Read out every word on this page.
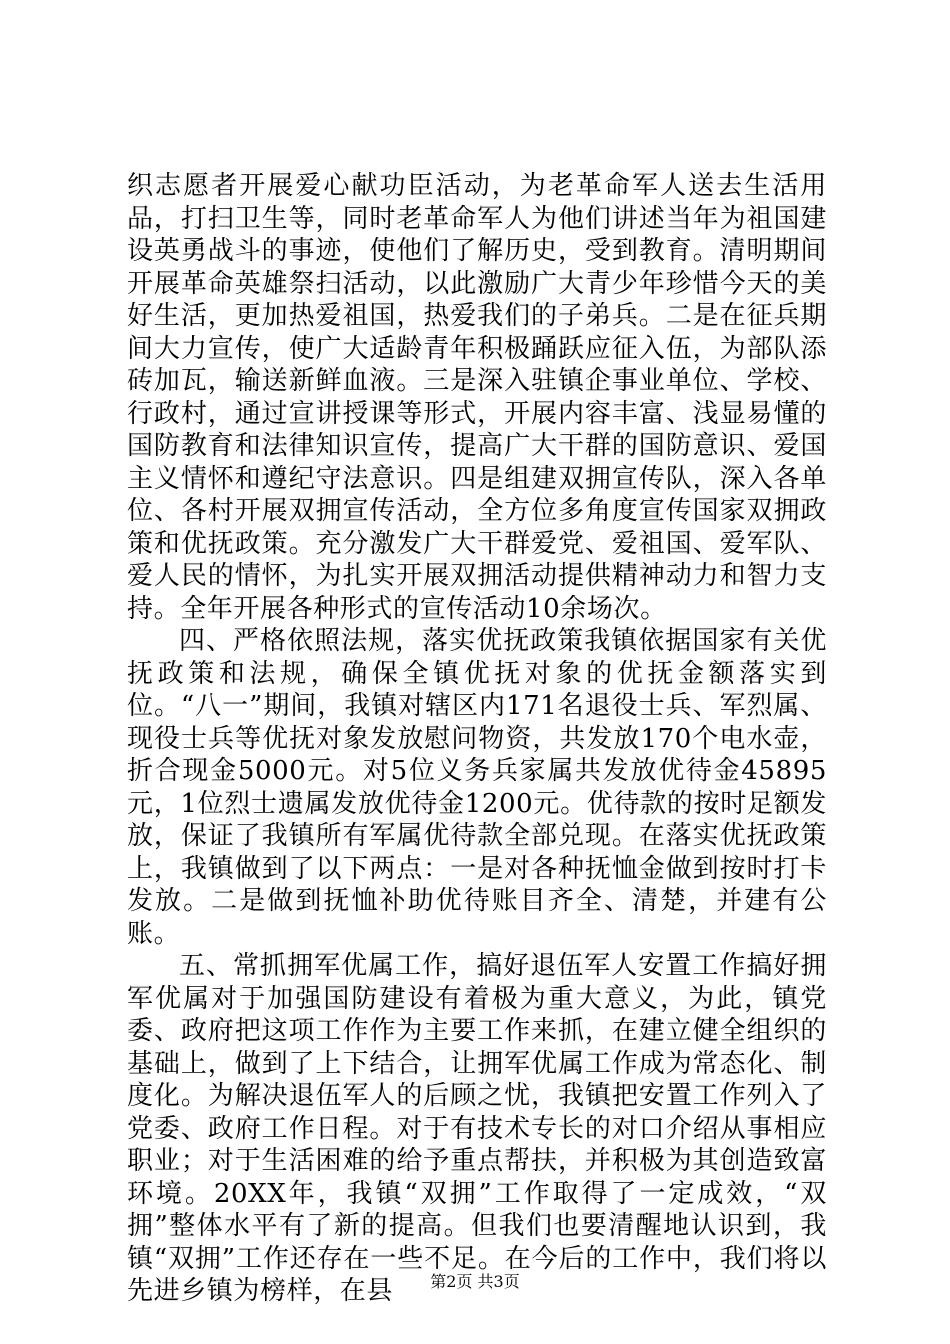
织志愿者开展爱心献功臣活动，为老革命军人送去生活用品，打扫卫生等，同时老革命军人为他们讲述当年为祖国建设英勇战斗的事迹，使他们了解历史，受到教育。清明期间开展革命英雄祭扫活动，以此激励广大青少年珍惜今天的美好生活，更加热爱祖国，热爱我们的子弟兵。二是在征兵期间大力宣传，使广大适龄青年积极踊跃应征入伍，为部队添砖加瓦，输送新鲜血液。三是深入驻镇企事业单位、学校、行政村，通过宣讲授课等形式，开展内容丰富、浅显易懂的国防教育和法律知识宣传，提高广大干群的国防意识、爱国主义情怀和遵纪守法意识。四是组建双拥宣传队，深入各单位、各村开展双拥宣传活动，全方位多角度宣传国家双拥政策和优抚政策。充分激发广大干群爱党、爱祖国、爱军队、爱人民的情怀，为扎实开展双拥活动提供精神动力和智力支持。全年开展各种形式的宣传活动10余场次。

四、严格依照法规，落实优抚政策我镇依据国家有关优抚政策和法规，确保全镇优抚对象的优抚金额落实到位。“八一”期间，我镇对辖区内171名退役士兵、军烈属、现役士兵等优抚对象发放慰问物资，共发放170个电水壶，折合现金5000元。对5位义务兵家属共发放优待金45895元，1位烈士遗属发放优待金1200元。优待款的按时足额发放，保证了我镇所有军属优待款全部兑现。在落实优抚政策上，我镇做到了以下两点：一是对各种抚恤金做到按时打卡发放。二是做到抚恤补助优待账目齐全、清楚，并建有公账。

五、常抓拥军优属工作，搞好退伍军人安置工作搞好拥军优属对于加强国防建设有着极为重大意义，为此，镇党委、政府把这项工作作为主要工作来抓，在建立健全组织的基础上，做到了上下结合，让拥军优属工作成为常态化、制度化。为解决退伍军人的后顾之忧，我镇把安置工作列入了党委、政府工作日程。对于有技术专长的对口介绍从事相应职业；对于生活困难的给予重点帮扶，并积极为其创造致富环境。20XX年，我镇“双拥”工作取得了一定成效，“双拥”整体水平有了新的提高。但我们也要清醒地认识到，我镇“双拥”工作还存在一些不足。在今后的工作中，我们将以先进乡镇为榜样，在县	第2页 共3页
